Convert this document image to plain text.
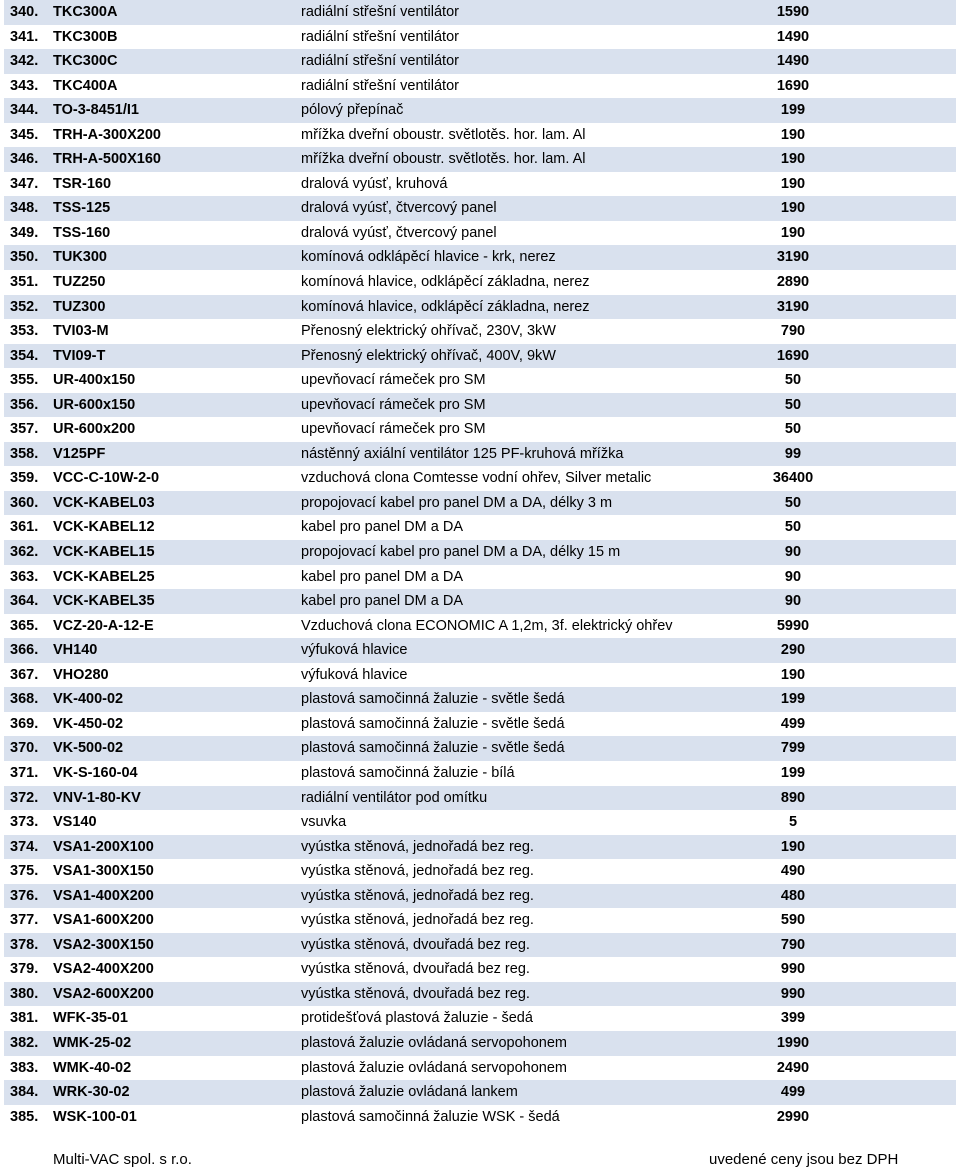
340. TKC300A	radiální střešní ventilátor	1590
341. TKC300B	radiální střešní ventilátor	1490
342. TKC300C	radiální střešní ventilátor	1490
343. TKC400A	radiální střešní ventilátor	1690
344. TO-3-8451/I1	pólový přepínač	199
345. TRH-A-300X200	mřížka dveřní oboustr. světlotěs. hor. lam. Al	190
346. TRH-A-500X160	mřížka dveřní oboustr. světlotěs. hor. lam. Al	190
347. TSR-160	dralová vyúsť, kruhová	190
348. TSS-125	dralová vyúsť, čtvercový panel	190
349. TSS-160	dralová vyúsť, čtvercový panel	190
350. TUK300	komínová odklápěcí hlavice - krk, nerez	3190
351. TUZ250	komínová hlavice, odklápěcí základna, nerez	2890
352. TUZ300	komínová hlavice, odklápěcí základna, nerez	3190
353. TVI03-M	Přenosný elektrický ohřívač, 230V, 3kW	790
354. TVI09-T	Přenosný elektrický ohřívač, 400V, 9kW	1690
355. UR-400x150	upevňovací rámeček pro SM	50
356. UR-600x150	upevňovací rámeček pro SM	50
357. UR-600x200	upevňovací rámeček pro SM	50
358. V125PF	nástěnný axiální ventilátor 125 PF-kruhová mřížka	99
359. VCC-C-10W-2-0	vzduchová clona Comtesse vodní ohřev, Silver metalic	36400
360. VCK-KABEL03	propojovací kabel pro panel DM a DA, délky 3 m	50
361. VCK-KABEL12	kabel pro panel DM a DA	50
362. VCK-KABEL15	propojovací kabel pro panel DM a DA, délky 15 m	90
363. VCK-KABEL25	kabel pro panel DM a DA	90
364. VCK-KABEL35	kabel pro panel DM a DA	90
365. VCZ-20-A-12-E	Vzduchová clona ECONOMIC A 1,2m, 3f. elektrický ohřev	5990
366. VH140	výfuková hlavice	290
367. VHO280	výfuková hlavice	190
368. VK-400-02	plastová samočinná žaluzie - světle šedá	199
369. VK-450-02	plastová samočinná žaluzie - světle šedá	499
370. VK-500-02	plastová samočinná žaluzie - světle šedá	799
371. VK-S-160-04	plastová samočinná žaluzie - bílá	199
372. VNV-1-80-KV	radiální ventilátor pod omítku	890
373. VS140	vsuvka	5
374. VSA1-200X100	vyústka stěnová, jednořadá bez reg.	190
375. VSA1-300X150	vyústka stěnová, jednořadá bez reg.	490
376. VSA1-400X200	vyústka stěnová, jednořadá bez reg.	480
377. VSA1-600X200	vyústka stěnová, jednořadá bez reg.	590
378. VSA2-300X150	vyústka stěnová, dvouřadá bez reg.	790
379. VSA2-400X200	vyústka stěnová, dvouřadá bez reg.	990
380. VSA2-600X200	vyústka stěnová, dvouřadá bez reg.	990
381. WFK-35-01	protidešťová plastová žaluzie - šedá	399
382. WMK-25-02	plastová žaluzie ovládaná servopohonem	1990
383. WMK-40-02	plastová žaluzie ovládaná servopohonem	2490
384. WRK-30-02	plastová žaluzie ovládaná lankem	499
385. WSK-100-01	plastová samočinná žaluzie WSK - šedá	2990
Multi-VAC spol. s r.o.	uvedené ceny jsou bez DPH
